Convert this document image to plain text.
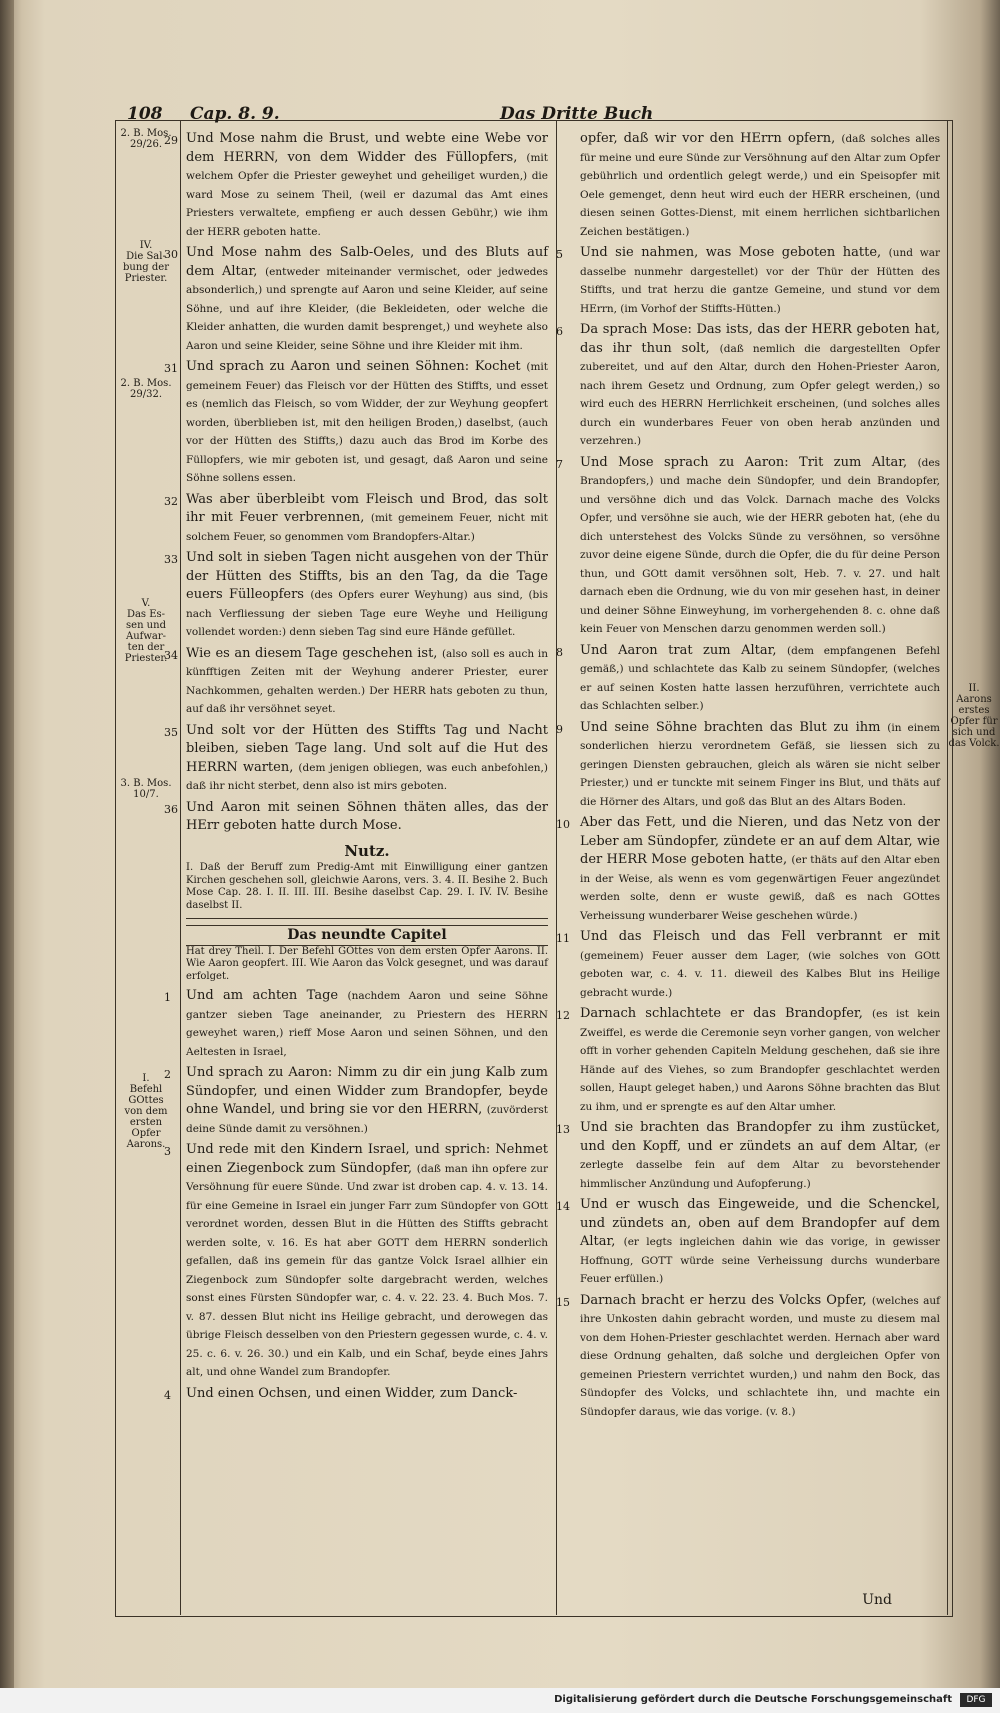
108 Cap. 8. 9.	Das Dritte Buch
2. B. Mos.
29/26.
IV.
Die Sal-
bung der
Priester.
2. B. Mos.
29/32.
V.
Das Es-
sen und
Aufwar-
ten der
Priester.
3. B. Mos.
10/7.
I.
Befehl
GOttes
von dem
ersten
Opfer
Aarons.
II.
Aarons
erstes
Opfer für
sich und
das Volck.
29 Und Mose nahm die Brust, und webte eine Webe vor dem HERRN, von dem Widder des Füllopfers, (mit welchem Opfer die Priester geweyhet und geheiliget wurden,) die ward Mose zu seinem Theil, (weil er dazumal das Amt eines Priesters verwaltete, empfieng er auch dessen Gebühr,) wie ihm der HERR geboten hatte.
30 Und Mose nahm des Salb-Oeles, und des Bluts auf dem Altar, (entweder miteinander vermischet, oder jedwedes absonderlich,) und sprengte auf Aaron und seine Kleider, auf seine Söhne, und auf ihre Kleider, (die Bekleideten, oder welche die Kleider anhatten, die wurden damit besprenget,) und weyhete also Aaron und seine Kleider, seine Söhne und ihre Kleider mit ihm.
31 Und sprach zu Aaron und seinen Söhnen: Kochet (mit gemeinem Feuer) das Fleisch vor der Hütten des Stiffts, und esset es (nemlich das Fleisch, so vom Widder, der zur Weyhung geopfert worden, überblieben ist, mit den heiligen Broden,) daselbst, (auch vor der Hütten des Stiffts,) dazu auch das Brod im Korbe des Füllopfers, wie mir geboten ist, und gesagt, daß Aaron und seine Söhne sollens essen.
32 Was aber überbleibt vom Fleisch und Brod, das solt ihr mit Feuer verbrennen, (mit gemeinem Feuer, nicht mit solchem Feuer, so genommen vom Brandopfers-Altar.)
33 Und solt in sieben Tagen nicht ausgehen von der Thür der Hütten des Stiffts, bis an den Tag, da die Tage euers Fülleopfers (des Opfers eurer Weyhung) aus sind, (bis nach Verfliessung der sieben Tage eure Weyhe und Heiligung vollendet worden:) denn sieben Tag sind eure Hände gefüllet.
34 Wie es an diesem Tage geschehen ist, (also soll es auch in künfftigen Zeiten mit der Weyhung anderer Priester, eurer Nachkommen, gehalten werden.) Der HERR hats geboten zu thun, auf daß ihr versöhnet seyet.
35 Und solt vor der Hütten des Stiffts Tag und Nacht bleiben, sieben Tage lang. Und solt auf die Hut des HERRN warten, (dem jenigen obliegen, was euch anbefohlen,) daß ihr nicht sterbet, denn also ist mirs geboten.
36 Und Aaron mit seinen Söhnen thäten alles, das der HErr geboten hatte durch Mose.
Nutz.
I. Daß der Beruff zum Predig-Amt mit Einwilligung einer gantzen Kirchen geschehen soll, gleichwie Aarons, vers. 3. 4. II. Besihe 2. Buch Mose Cap. 28. I. II. III. III. Besihe daselbst Cap. 29. I. IV. IV. Besihe daselbst II.
Das neundte Capitel
Hat drey Theil. I. Der Befehl GOttes von dem ersten Opfer Aarons. II. Wie Aaron geopfert. III. Wie Aaron das Volck gesegnet, und was darauf erfolget.
1 Und am achten Tage (nachdem Aaron und seine Söhne gantzer sieben Tage aneinander, zu Priestern des HERRN geweyhet waren,) rieff Mose Aaron und seinen Söhnen, und den Aeltesten in Israel,
2 Und sprach zu Aaron: Nimm zu dir ein jung Kalb zum Sündopfer, und einen Widder zum Brandopfer, beyde ohne Wandel, und bring sie vor den HERRN, (zuvörderst deine Sünde damit zu versöhnen.)
3 Und rede mit den Kindern Israel, und sprich: Nehmet einen Ziegenbock zum Sündopfer, (daß man ihn opfere zur Versöhnung für euere Sünde. Und zwar ist droben cap. 4. v. 13. 14. für eine Gemeine in Israel ein junger Farr zum Sündopfer von GOtt verordnet worden, dessen Blut in die Hütten des Stiffts gebracht werden solte, v. 16. Es hat aber GOTT dem HERRN sonderlich gefallen, daß ins gemein für das gantze Volck Israel allhier ein Ziegenbock zum Sündopfer solte dargebracht werden, welches sonst eines Fürsten Sündopfer war, c. 4. v. 22. 23. 4. Buch Mos. 7. v. 87. dessen Blut nicht ins Heilige gebracht, und derowegen das übrige Fleisch desselben von den Priestern gegessen wurde, c. 4. v. 25. c. 6. v. 26. 30.) und ein Kalb, und ein Schaf, beyde eines Jahrs alt, und ohne Wandel zum Brandopfer.
4 Und einen Ochsen, und einen Widder, zum Danck-
opfer, daß wir vor den HErrn opfern, (daß solches alles für meine und eure Sünde zur Versöhnung auf den Altar zum Opfer gebührlich und ordentlich gelegt werde,) und ein Speisopfer mit Oele gemenget, denn heut wird euch der HERR erscheinen, (und diesen seinen Gottes-Dienst, mit einem herrlichen sichtbarlichen Zeichen bestätigen.)
5 Und sie nahmen, was Mose geboten hatte, (und war dasselbe nunmehr dargestellet) vor der Thür der Hütten des Stiffts, und trat herzu die gantze Gemeine, und stund vor dem HErrn, (im Vorhof der Stiffts-Hütten.)
6 Da sprach Mose: Das ists, das der HERR geboten hat, das ihr thun solt, (daß nemlich die dargestellten Opfer zubereitet, und auf den Altar, durch den Hohen-Priester Aaron, nach ihrem Gesetz und Ordnung, zum Opfer gelegt werden,) so wird euch des HERRN Herrlichkeit erscheinen, (und solches alles durch ein wunderbares Feuer von oben herab anzünden und verzehren.)
7 Und Mose sprach zu Aaron: Trit zum Altar, (des Brandopfers,) und mache dein Sündopfer, und dein Brandopfer, und versöhne dich und das Volck. Darnach mache des Volcks Opfer, und versöhne sie auch, wie der HERR geboten hat, (ehe du dich unterstehest des Volcks Sünde zu versöhnen, so versöhne zuvor deine eigene Sünde, durch die Opfer, die du für deine Person thun, und GOtt damit versöhnen solt, Heb. 7. v. 27. und halt darnach eben die Ordnung, wie du von mir gesehen hast, in deiner und deiner Söhne Einweyhung, im vorhergehenden 8. c. ohne daß kein Feuer von Menschen darzu genommen werden soll.)
8 Und Aaron trat zum Altar, (dem empfangenen Befehl gemäß,) und schlachtete das Kalb zu seinem Sündopfer, (welches er auf seinen Kosten hatte lassen herzuführen, verrichtete auch das Schlachten selber.)
9 Und seine Söhne brachten das Blut zu ihm (in einem sonderlichen hierzu verordnetem Gefäß, sie liessen sich zu geringen Diensten gebrauchen, gleich als wären sie nicht selber Priester,) und er tunckte mit seinem Finger ins Blut, und thäts auf die Hörner des Altars, und goß das Blut an des Altars Boden.
10 Aber das Fett, und die Nieren, und das Netz von der Leber am Sündopfer, zündete er an auf dem Altar, wie der HERR Mose geboten hatte, (er thäts auf den Altar eben in der Weise, als wenn es vom gegenwärtigen Feuer angezündet werden solte, denn er wuste gewiß, daß es nach GOttes Verheissung wunderbarer Weise geschehen würde.)
11 Und das Fleisch und das Fell verbrannt er mit (gemeinem) Feuer ausser dem Lager, (wie solches von GOtt geboten war, c. 4. v. 11. dieweil des Kalbes Blut ins Heilige gebracht wurde.)
12 Darnach schlachtete er das Brandopfer, (es ist kein Zweiffel, es werde die Ceremonie seyn vorher gangen, von welcher offt in vorher gehenden Capiteln Meldung geschehen, daß sie ihre Hände auf des Viehes, so zum Brandopfer geschlachtet werden sollen, Haupt geleget haben,) und Aarons Söhne brachten das Blut zu ihm, und er sprengte es auf den Altar umher.
13 Und sie brachten das Brandopfer zu ihm zustücket, und den Kopff, und er zündets an auf dem Altar, (er zerlegte dasselbe fein auf dem Altar zu bevorstehender himmlischer Anzündung und Aufopferung.)
14 Und er wusch das Eingeweide, und die Schenckel, und zündets an, oben auf dem Brandopfer auf dem Altar, (er legts ingleichen dahin wie das vorige, in gewisser Hoffnung, GOTT würde seine Verheissung durchs wunderbare Feuer erfüllen.)
15 Darnach bracht er herzu des Volcks Opfer, (welches auf ihre Unkosten dahin gebracht worden, und muste zu diesem mal von dem Hohen-Priester geschlachtet werden. Hernach aber ward diese Ordnung gehalten, daß solche und dergleichen Opfer von gemeinen Priestern verrichtet wurden,) und nahm den Bock, das Sündopfer des Volcks, und schlachtete ihn, und machte ein Sündopfer daraus, wie das vorige. (v. 8.)
Und
Digitalisierung gefördert durch die Deutsche Forschungsgemeinschaft	DFG
